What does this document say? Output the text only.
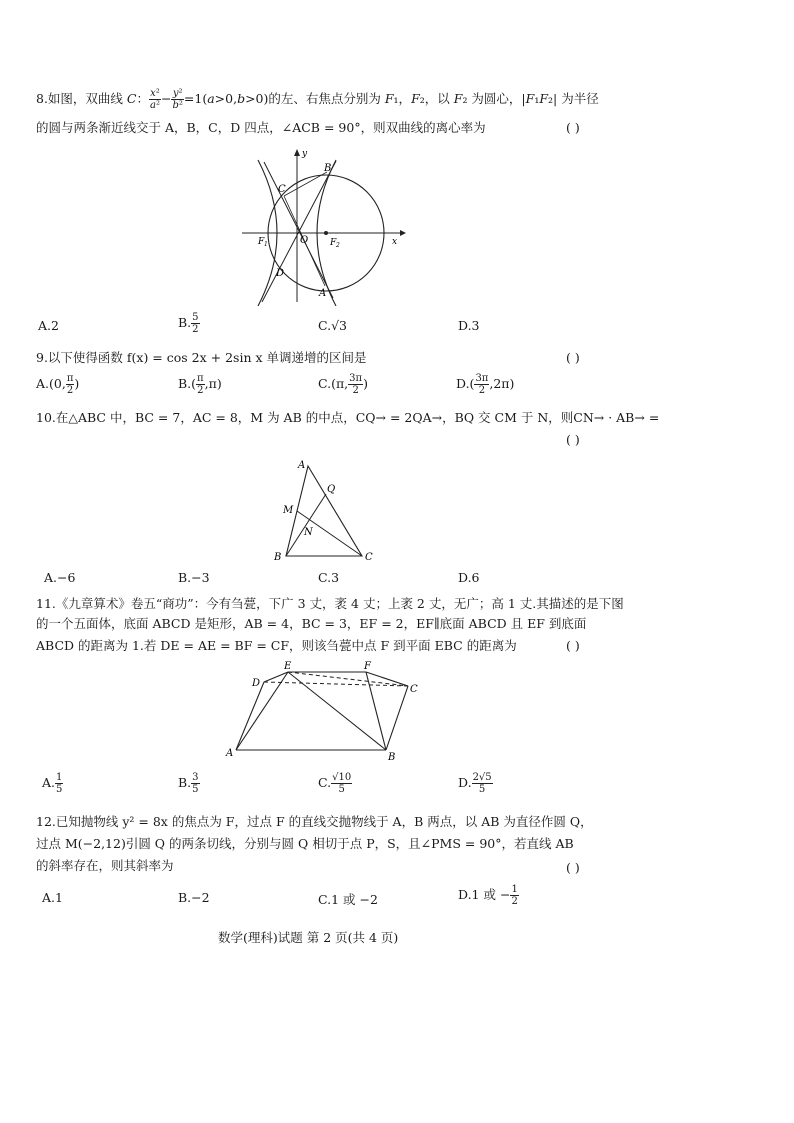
8.如图，双曲线 C： $\frac{\text{x²}}{\text{a²}} - \frac{\text{y²}}{\text{b²}} =1(a>0,b>0)$的左、右焦点分别为 F₁，F₂，以 F₂ 为圆心，|F₁F₂| 为半径
的圆与两条渐近线交于 A，B，C，D 四点，∠ACB = 90°，则双曲线的离心率为	( )
y
x
O
F 1	F 2
C
B
D
A
A.2	B. $\frac{5}{2}$	C.√3	D.3
9.以下使得函数 f(x) = cos 2x + 2sin x 单调递增的区间是	( )
A.(0, $\frac{\pi}{2}$ )	$B.( \frac{\pi}{2} ,\pi)$	C.(π, $\frac{3\pi}{2}$ )	$D.( \frac{3\pi}{2} ,2\pi)$
10.在△ABC 中，BC = 7，AC = 8，M 为 AB 的中点，CQ→ = 2QA→，BQ 交 CM 于 N，则CN→ · AB→ =
( )
A
B	C
M
Q
N
A.−6	B.−3	C.3	D.6
11.《九章算术》卷五“商功”：今有刍甍，下广 3 丈，袤 4 丈；上袤 2 丈，无广；高 1 丈.其描述的是下图
的一个五面体，底面 ABCD 是矩形，AB = 4，BC = 3，EF = 2，EF∥底面 ABCD 且 EF 到底面
ABCD 的距离为 1.若 DE = AE = BF = CF，则该刍甍中点 F 到平面 EBC 的距离为	( )
A	B
C
D
E	F
A. $\frac{1}{5}$	B. $\frac{3}{5}$	C. $\frac{√10}{5}$	D. $\frac{2√5}{5}$
12.已知抛物线 y² = 8x 的焦点为 F，过点 F 的直线交抛物线于 A，B 两点，以 AB 为直径作圆 Q，
过点 M(−2,12)引圆 Q 的两条切线，分别与圆 Q 相切于点 P，S，且∠PMS = 90°，若直线 AB
的斜率存在，则其斜率为	( )
A.1	B.−2	C.1 或 −2	D.1 或 − $\frac{1}{2}$
数学(理科)试题 第 2 页(共 4 页)
